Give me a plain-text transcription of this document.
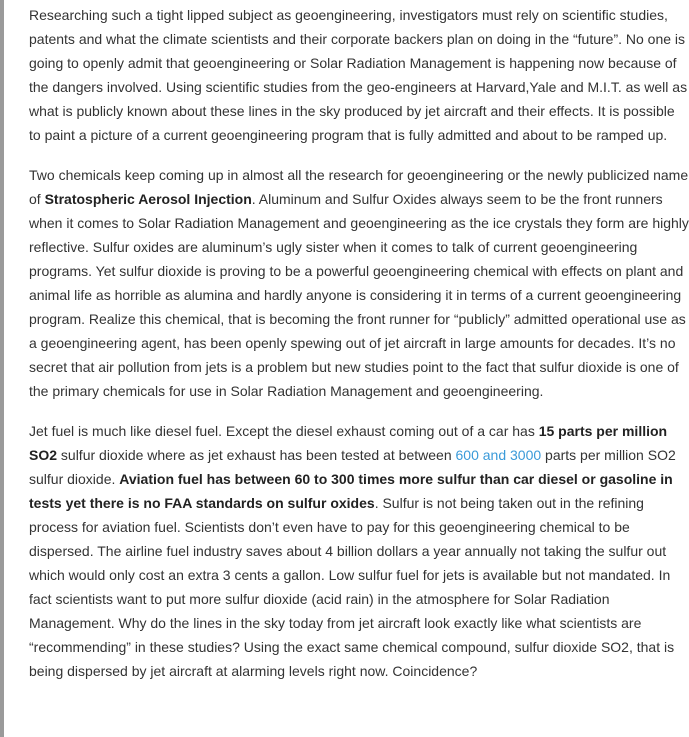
Researching such a tight lipped subject as geoengineering, investigators must rely on scientific studies, patents and what the climate scientists and their corporate backers plan on doing in the “future”. No one is going to openly admit that geoengineering or Solar Radiation Management is happening now because of the dangers involved. Using scientific studies from the geo-engineers at Harvard,Yale and M.I.T. as well as what is publicly known about these lines in the sky produced by jet aircraft and their effects. It is possible to paint a picture of a current geoengineering program that is fully admitted and about to be ramped up.

Two chemicals keep coming up in almost all the research for geoengineering or the newly publicized name of Stratospheric Aerosol Injection. Aluminum and Sulfur Oxides always seem to be the front runners when it comes to Solar Radiation Management and geoengineering as the ice crystals they form are highly reflective. Sulfur oxides are aluminum’s ugly sister when it comes to talk of current geoengineering programs. Yet sulfur dioxide is proving to be a powerful geoengineering chemical with effects on plant and animal life as horrible as alumina and hardly anyone is considering it in terms of a current geoengineering program. Realize this chemical, that is becoming the front runner for “publicly” admitted operational use as a geoengineering agent, has been openly spewing out of jet aircraft in large amounts for decades. It’s no secret that air pollution from jets is a problem but new studies point to the fact that sulfur dioxide is one of the primary chemicals for use in Solar Radiation Management and geoengineering.

Jet fuel is much like diesel fuel. Except the diesel exhaust coming out of a car has 15 parts per million SO2 sulfur dioxide where as jet exhaust has been tested at between 600 and 3000 parts per million SO2 sulfur dioxide. Aviation fuel has between 60 to 300 times more sulfur than car diesel or gasoline in tests yet there is no FAA standards on sulfur oxides. Sulfur is not being taken out in the refining process for aviation fuel. Scientists don’t even have to pay for this geoengineering chemical to be dispersed. The airline fuel industry saves about 4 billion dollars a year annually not taking the sulfur out which would only cost an extra 3 cents a gallon. Low sulfur fuel for jets is available but not mandated. In fact scientists want to put more sulfur dioxide (acid rain) in the atmosphere for Solar Radiation Management. Why do the lines in the sky today from jet aircraft look exactly like what scientists are “recommending” in these studies? Using the exact same chemical compound, sulfur dioxide SO2, that is being dispersed by jet aircraft at alarming levels right now. Coincidence?
